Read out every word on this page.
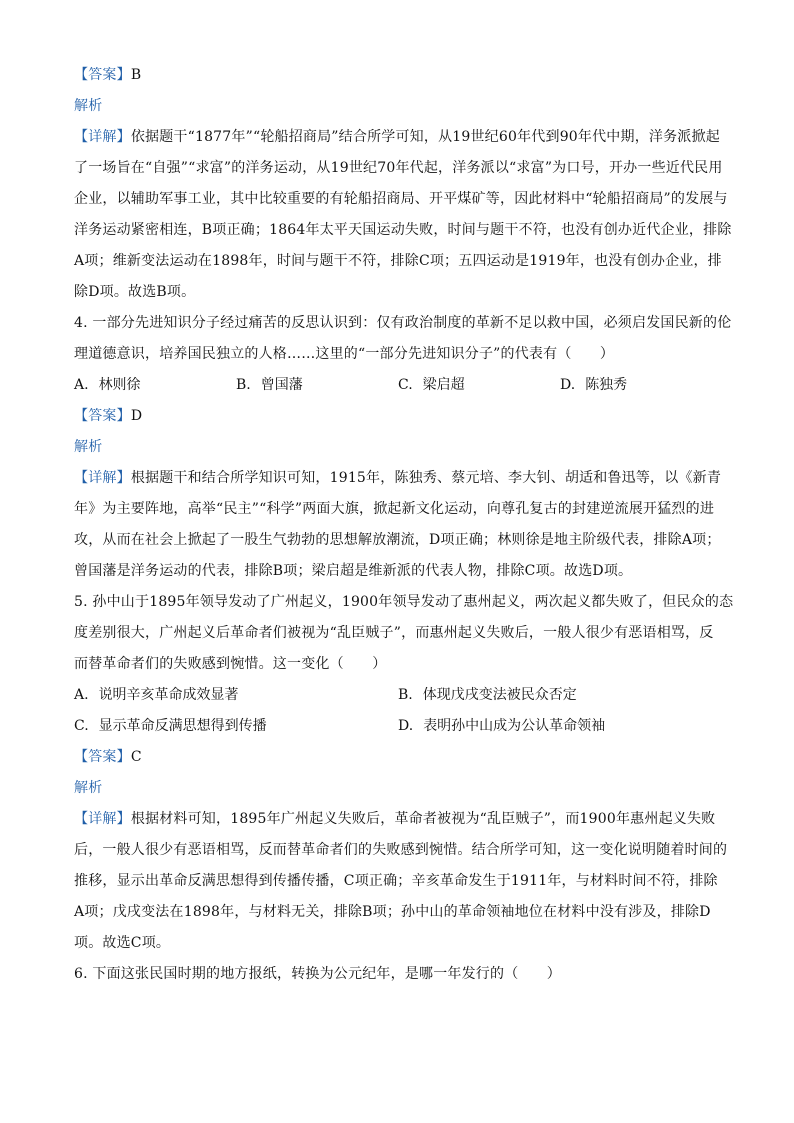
【答案】B
解析
【详解】依据题干“1877年”“轮船招商局”结合所学可知，从19世纪60年代到90年代中期，洋务派掀起
了一场旨在“自强”“求富”的洋务运动，从19世纪70年代起，洋务派以“求富”为口号，开办一些近代民用
企业，以辅助军事工业，其中比较重要的有轮船招商局、开平煤矿等，因此材料中“轮船招商局”的发展与
洋务运动紧密相连，B项正确；1864年太平天国运动失败，时间与题干不符，也没有创办近代企业，排除
A项；维新变法运动在1898年，时间与题干不符，排除C项；五四运动是1919年，也没有创办企业，排
除D项。故选B项。
4. 一部分先进知识分子经过痛苦的反思认识到：仅有政治制度的革新不足以救中国，必须启发国民新的伦
理道德意识，培养国民独立的人格……这里的“一部分先进知识分子”的代表有（　　）
A. 林则徐	B. 曾国藩	C. 梁启超	D. 陈独秀
【答案】D
解析
【详解】根据题干和结合所学知识可知，1915年，陈独秀、蔡元培、李大钊、胡适和鲁迅等，以《新青
年》为主要阵地，高举“民主”“科学”两面大旗，掀起新文化运动，向尊孔复古的封建逆流展开猛烈的进
攻，从而在社会上掀起了一股生气勃勃的思想解放潮流，D项正确；林则徐是地主阶级代表，排除A项；
曾国藩是洋务运动的代表，排除B项；梁启超是维新派的代表人物，排除C项。故选D项。
5. 孙中山于1895年领导发动了广州起义，1900年领导发动了惠州起义，两次起义都失败了，但民众的态
度差别很大，广州起义后革命者们被视为“乱臣贼子”，而惠州起义失败后，一般人很少有恶语相骂，反
而替革命者们的失败感到惋惜。这一变化（　　）
A. 说明辛亥革命成效显著	B. 体现戊戌变法被民众否定
C. 显示革命反满思想得到传播	D. 表明孙中山成为公认革命领袖
【答案】C
解析
【详解】根据材料可知，1895年广州起义失败后，革命者被视为“乱臣贼子”，而1900年惠州起义失败
后，一般人很少有恶语相骂，反而替革命者们的失败感到惋惜。结合所学可知，这一变化说明随着时间的
推移，显示出革命反满思想得到传播传播，C项正确；辛亥革命发生于1911年，与材料时间不符，排除
A项；戊戌变法在1898年，与材料无关，排除B项；孙中山的革命领袖地位在材料中没有涉及，排除D
项。故选C项。
6. 下面这张民国时期的地方报纸，转换为公元纪年，是哪一年发行的（　　）
